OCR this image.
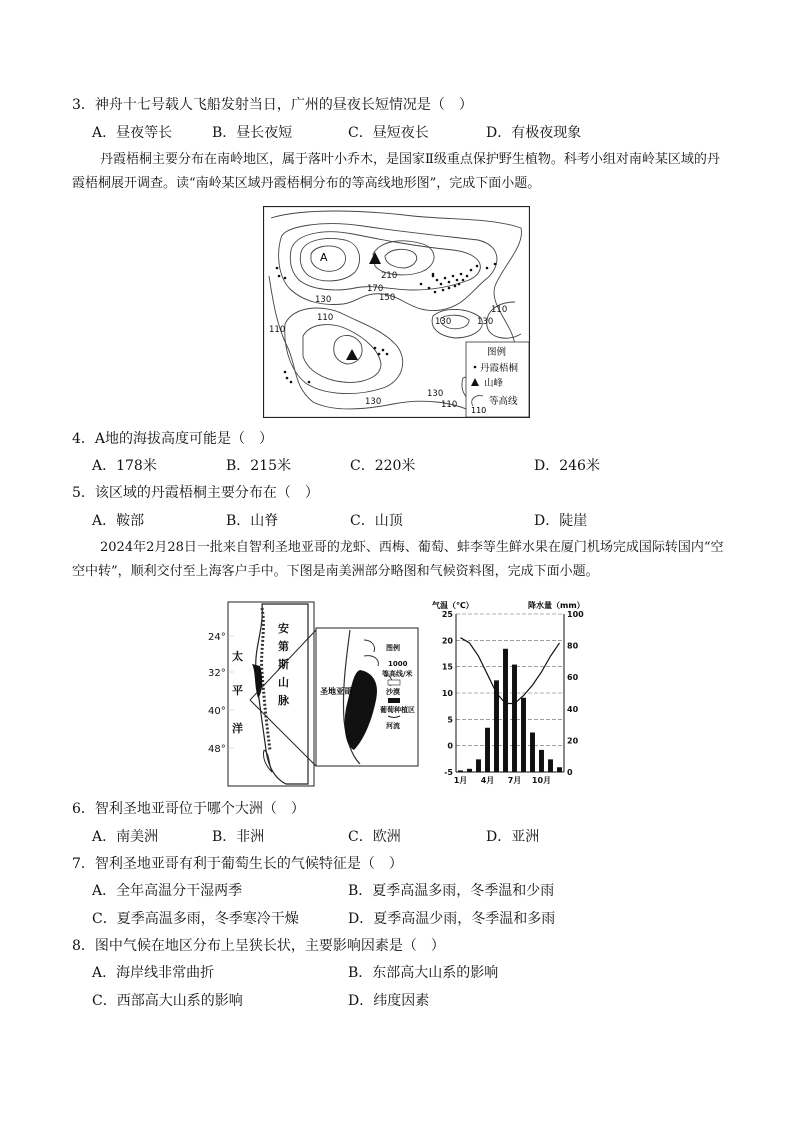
3．神舟十七号载人飞船发射当日，广州的昼夜长短情况是（　）
A．昼夜等长	B．昼长夜短	C．昼短夜长	D．有极夜现象
丹霞梧桐主要分布在南岭地区，属于落叶小乔木，是国家Ⅱ级重点保护野生植物。科考小组对南岭某区域的丹霞梧桐展开调查。读“南岭某区域丹霞梧桐分布的等高线地形图”，完成下面小题。
A
210
170
150
130
110
110
130	130
110
130
130
110
图例
丹霞梧桐
山峰
110
等高线
4．A地的海拔高度可能是（　）
A．178米	B．215米	C．220米	D．246米
5．该区域的丹霞梧桐主要分布在（　）
A．鞍部	B．山脊	C．山顶	D．陡崖
2024年2月28日一批来自智利圣地亚哥的龙虾、西梅、葡萄、蚌李等生鲜水果在厦门机场完成国际转国内“空空中转”，顺利交付至上海客户手中。下图是南美洲部分略图和气候资料图，完成下面小题。
24°
32°
40°
48°
太
平
洋
安
第
斯
山
脉
圣地亚哥
图例
1000
等高线/米
沙漠
葡萄种植区
河流
气温（℃）	降水量（mm）
-5
0
5
10
15
20
25
0
20
40
60
80
100
1月 4月 7月 10月
6．智利圣地亚哥位于哪个大洲（　）
A．南美洲	B．非洲	C．欧洲	D．亚洲
7．智利圣地亚哥有利于葡萄生长的气候特征是（　）
A．全年高温分干湿两季	B．夏季高温多雨，冬季温和少雨
C．夏季高温多雨，冬季寒冷干燥	D．夏季高温少雨，冬季温和多雨
8．图中气候在地区分布上呈狭长状，主要影响因素是（　）
A．海岸线非常曲折	B．东部高大山系的影响
C．西部高大山系的影响	D．纬度因素
